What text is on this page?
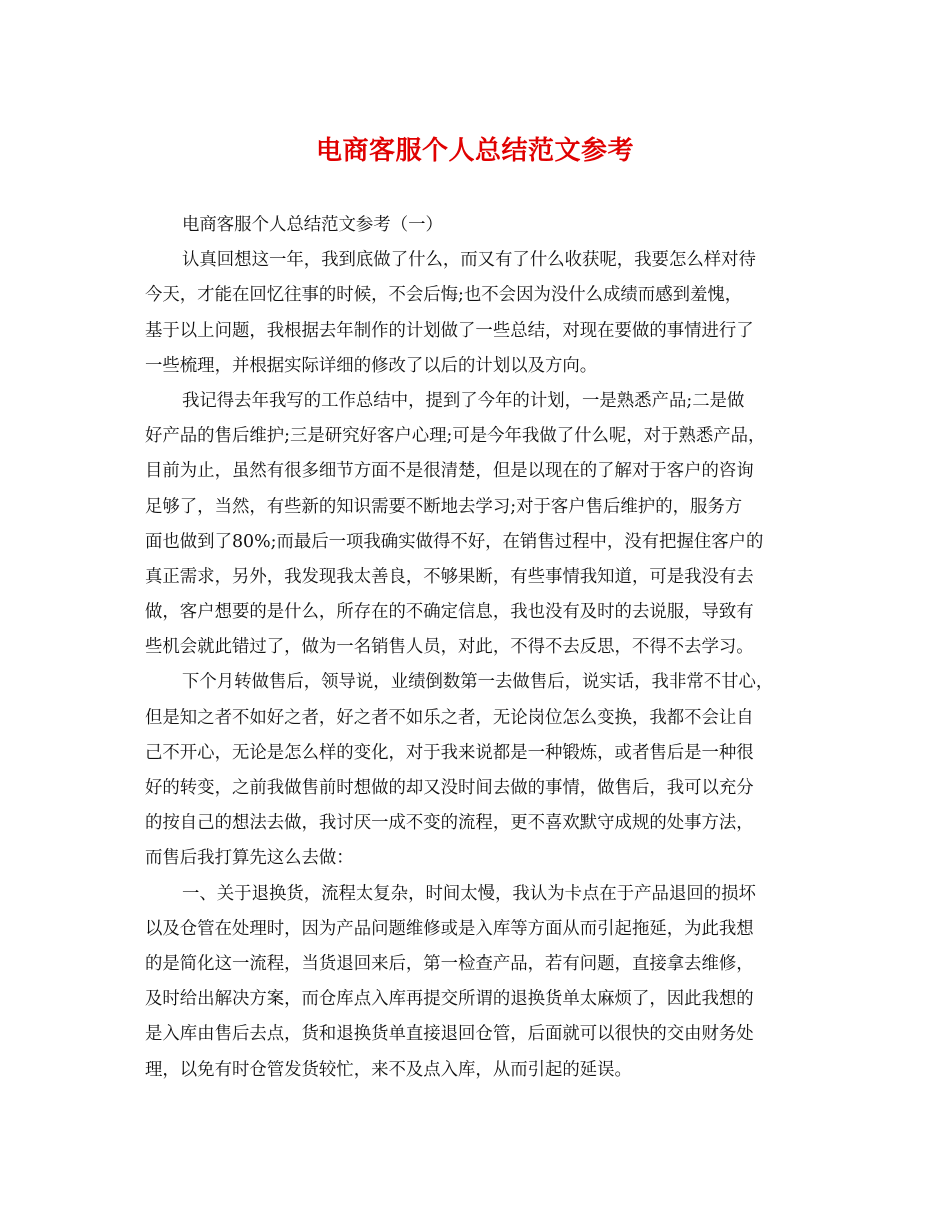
电商客服个人总结范文参考
电商客服个人总结范文参考（一）
认真回想这一年，我到底做了什么，而又有了什么收获呢，我要怎么样对待
今天，才能在回忆往事的时候，不会后悔;也不会因为没什么成绩而感到羞愧，
基于以上问题，我根据去年制作的计划做了一些总结，对现在要做的事情进行了
一些梳理，并根据实际详细的修改了以后的计划以及方向。
我记得去年我写的工作总结中，提到了今年的计划，一是熟悉产品;二是做
好产品的售后维护;三是研究好客户心理;可是今年我做了什么呢，对于熟悉产品，
目前为止，虽然有很多细节方面不是很清楚，但是以现在的了解对于客户的咨询
足够了，当然，有些新的知识需要不断地去学习;对于客户售后维护的，服务方
面也做到了80%;而最后一项我确实做得不好，在销售过程中，没有把握住客户的
真正需求，另外，我发现我太善良，不够果断，有些事情我知道，可是我没有去
做，客户想要的是什么，所存在的不确定信息，我也没有及时的去说服，导致有
些机会就此错过了，做为一名销售人员，对此，不得不去反思，不得不去学习。
下个月转做售后，领导说，业绩倒数第一去做售后，说实话，我非常不甘心，
但是知之者不如好之者，好之者不如乐之者，无论岗位怎么变换，我都不会让自
己不开心，无论是怎么样的变化，对于我来说都是一种锻炼，或者售后是一种很
好的转变，之前我做售前时想做的却又没时间去做的事情，做售后，我可以充分
的按自己的想法去做，我讨厌一成不变的流程，更不喜欢默守成规的处事方法，
而售后我打算先这么去做：
一、关于退换货，流程太复杂，时间太慢，我认为卡点在于产品退回的损坏
以及仓管在处理时，因为产品问题维修或是入库等方面从而引起拖延，为此我想
的是简化这一流程，当货退回来后，第一检查产品，若有问题，直接拿去维修，
及时给出解决方案，而仓库点入库再提交所谓的退换货单太麻烦了，因此我想的
是入库由售后去点，货和退换货单直接退回仓管，后面就可以很快的交由财务处
理，以免有时仓管发货较忙，来不及点入库，从而引起的延误。
